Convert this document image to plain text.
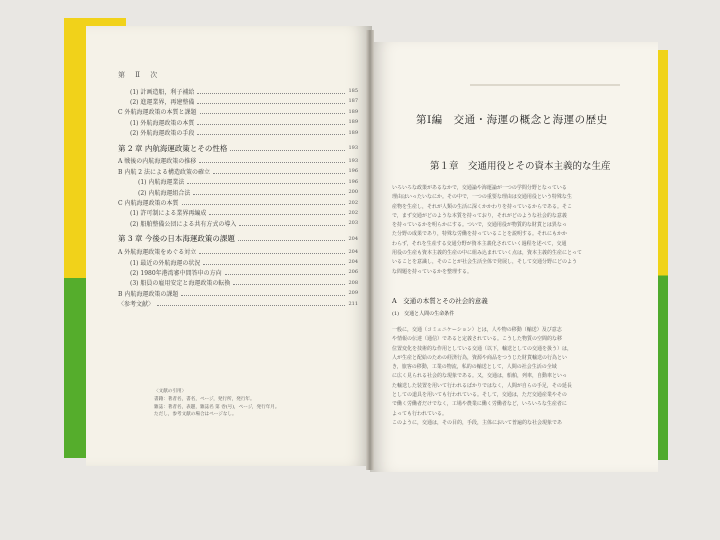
第 Ⅱ 次
(1) 計画造船，利子補給	185
(2) 進運業界，再建整備	187
C 外航海運政策の本質と課題	189
(1) 外航海運政策の本質	189
(2) 外航海運政策の手段	189
第 2 章 内航海運政策とその性格	193
A 戦後の内航海運政策の推移	193
B 内航 2 法による構造政策の確立	196
(1) 内航海運業法	196
(2) 内航海運組合法	200
C 内航海運政策の本質	202
(1) 許可制による業界再編成	202
(2) 船舶整備公団による共有方式の導入	203
第 3 章 今後の日本海運政策の課題	204
A 外航海運政策をめぐる対立	204
(1) 最近の外航海運の状況	204
(2) 1980年港湾審中間答申の方向	206
(3) 船員の雇用安定と海運政策の転換	208
B 内航海運政策の課題	209
〈参考文献〉	211
〈文献の引用〉
書籍：著者名，書名，ページ，発行所，発行年。
雑誌：著者名，表題，雑誌名 第 巻(号)，ページ，発行年月。
ただし，参考文献の場合はページなし。
第Ⅰ編　交通・海運の概念と海運の歴史
第１章　交通用役とその資本主義的な生産
いろいろな政策があるなかで，交通論や海運論が一つの学問分野となっている
理由はいったいなにか。その中で，一つの重要な理由は交通用役という特殊な生
産物を生産し，それが人類の生活に深くかかわりを持っているからである。そこ
で，まず交通がどのような本質を持っており，それがどのような社会的な意義
を持っているかを明らかにする。ついで，交通用役が物質的な財貨とは異なっ
た分野の成果であり，特殊な労働を持っていることを説明する。それにもかか
わらず，それを生産する交通分野が資本主義化されていく過程を述べて，交通
用役の生産も資本主義的生産の中に組み込まれていく点は，資本主義的生産にとって
いることを意識し，そのことが社会生活全体で発展し，そして交通分野にどのよう
な問題を持っているかを整理する。
A　交通の本質とその社会的意義
(1)　交通と人間の生命条件
一般に，交通（コミュニケーション）とは，人や物の移動（輸送）及び意志
や情報の伝達（通信）であると定義されている。こうした物質の空間的な移
位置変化を技術的な作用としている交通（以下，輸送としての交通を扱う）は，
人が生産と配給のための経済行為，資源や商品をつうじた財貨輸送の行為とい
き，旅客の移動，工業の物流，私的の輸送として，人間の社会生活の全域
に広く見られる社会的な現象である。又，交通は，船舶，列車，自動車といっ
た輸送した装置を用いて行われるばかりではなく，人間が自らの手足，その延長
としての道具を用いても行われている。そして，交通は，ただ交通産業やその
で働く労働者だけでなく，工場や農業に働く労働者など，いろいろな生産者に
よっても行われている。
このように，交通は，その目的，手段，主体において普遍的な社会現象であ
